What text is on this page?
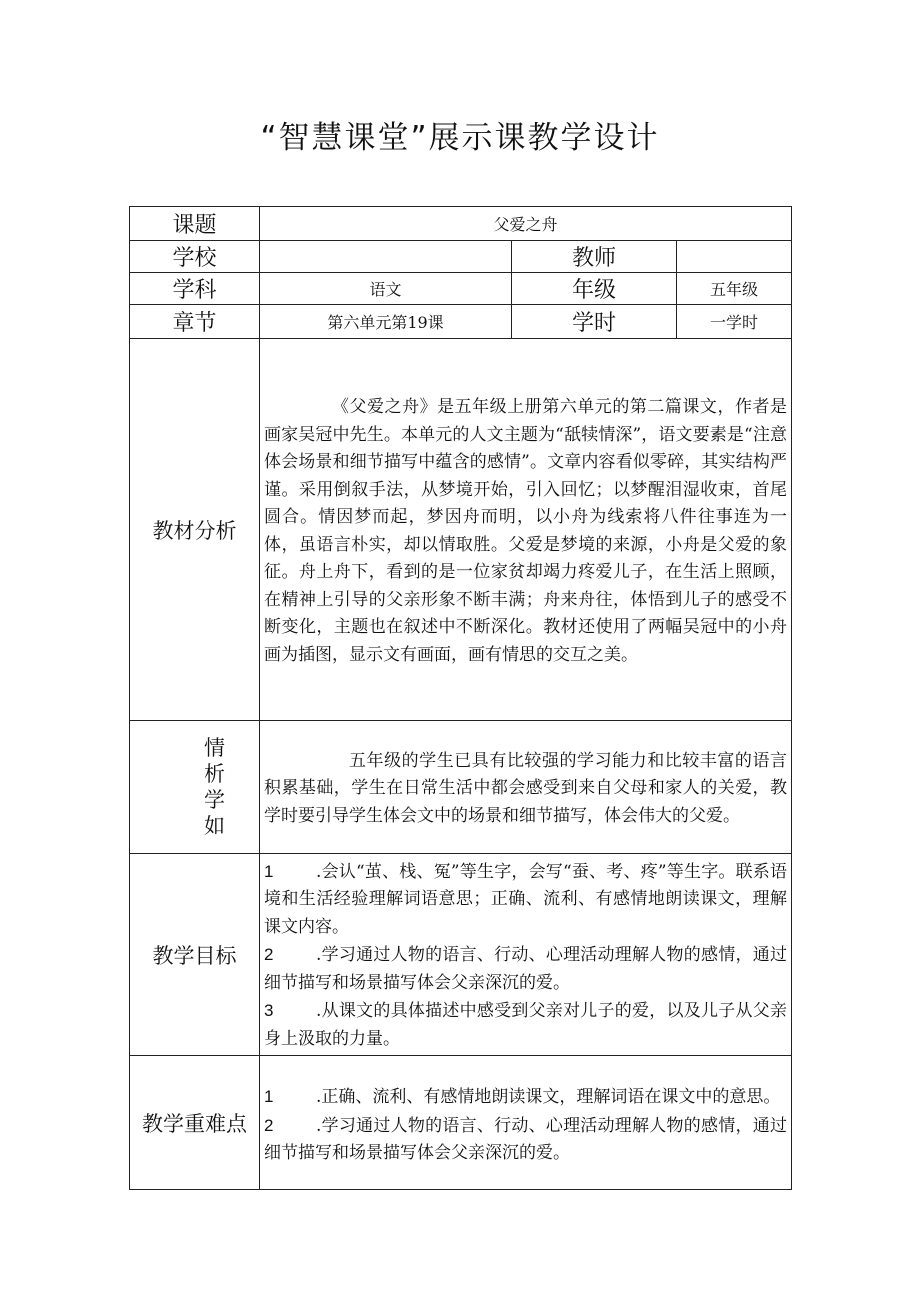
“智慧课堂”展示课教学设计
课题	父爱之舟		
学校		教师	
学科	语文	年级	五年级
章节	第六单元第19课	学时	一学时
教材分析	《父爱之舟》是五年级上册第六单元的第二篇课文，作者是画家吴冠中先生。本单元的人文主题为“舐犊情深”，语文要素是“注意体会场景和细节描写中蕴含的感情”。文章内容看似零碎，其实结构严谨。采用倒叙手法，从梦境开始，引入回忆；以梦醒泪湿收束，首尾圆合。情因梦而起，梦因舟而明，以小舟为线索将八件往事连为一体，虽语言朴实，却以情取胜。父爱是梦境的来源，小舟是父爱的象征。舟上舟下，看到的是一位家贫却竭力疼爱儿子，在生活上照顾，在精神上引导的父亲形象不断丰满；舟来舟往，体悟到儿子的感受不断变化，主题也在叙述中不断深化。教材还使用了两幅吴冠中的小舟画为插图，显示文有画面，画有情思的交互之美。		

情
析
学
如	五年级的学生已具有比较强的学习能力和比较丰富的语言积累基础，学生在日常生活中都会感受到来自父母和家人的关爱，教学时要引导学生体会文中的场景和细节描写，体会伟大的父爱。		

教学目标	1 .会认“茧、栈、冤”等生字，会写“蚕、考、疼”等生字。联系语境和生活经验理解词语意思；正确、流利、有感情地朗读课文，理解课文内容。

2 .学习通过人物的语言、行动、心理活动理解人物的感情，通过细节描写和场景描写体会父亲深沉的爱。

3 .从课文的具体描述中感受到父亲对儿子的爱，以及儿子从父亲身上汲取的力量。		

教学重难点	1 .正确、流利、有感情地朗读课文，理解词语在课文中的意思。

2 .学习通过人物的语言、行动、心理活动理解人物的感情，通过细节描写和场景描写体会父亲深沉的爱。		
